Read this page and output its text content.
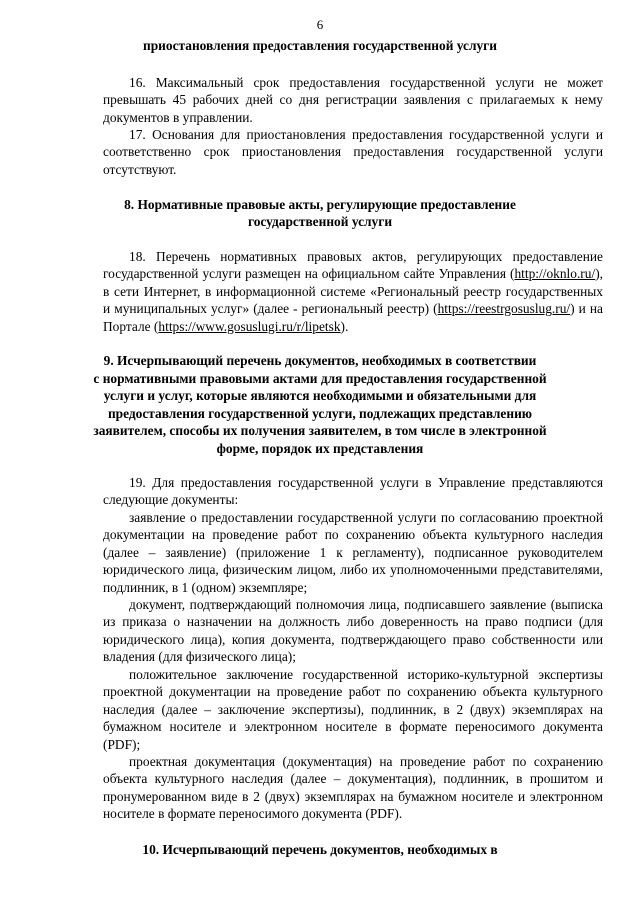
6

приостановления предоставления государственной услуги

16. Максимальный срок предоставления государственной услуги не может превышать 45 рабочих дней со дня регистрации заявления с прилагаемых к нему документов в управлении.

17. Основания для приостановления предоставления государственной услуги и соответственно срок приостановления предоставления государственной услуги отсутствуют.

8. Нормативные правовые акты, регулирующие предоставление

государственной услуги

18. Перечень нормативных правовых актов, регулирующих предоставление государственной услуги размещен на официальном сайте Управления (http://oknlo.ru/), в сети Интернет, в информационной системе «Региональный реестр государственных и муниципальных услуг» (далее - региональный реестр) (https://reestrgosuslug.ru/) и на Портале (https://www.gosuslugi.ru/r/lipetsk).

9. Исчерпывающий перечень документов, необходимых в соответствии

с нормативными правовыми актами для предоставления государственной

услуги и услуг, которые являются необходимыми и обязательными для

предоставления государственной услуги, подлежащих представлению

заявителем, способы их получения заявителем, в том числе в электронной

форме, порядок их представления

19. Для предоставления государственной услуги в Управление представляются следующие документы:

заявление о предоставлении государственной услуги по согласованию проектной документации на проведение работ по сохранению объекта культурного наследия (далее – заявление) (приложение 1 к регламенту), подписанное руководителем юридического лица, физическим лицом, либо их уполномоченными представителями, подлинник, в 1 (одном) экземпляре;

документ, подтверждающий полномочия лица, подписавшего заявление (выписка из приказа о назначении на должность либо доверенность на право подписи (для юридического лица), копия документа, подтверждающего право собственности или владения (для физического лица);

положительное заключение государственной историко-культурной экспертизы проектной документации на проведение работ по сохранению объекта культурного наследия (далее – заключение экспертизы), подлинник, в 2 (двух) экземплярах на бумажном носителе и электронном носителе в формате переносимого документа (PDF);

проектная документация (документация) на проведение работ по сохранению объекта культурного наследия (далее – документация), подлинник, в прошитом и пронумерованном виде в 2 (двух) экземплярах на бумажном носителе и электронном носителе в формате переносимого документа (PDF).

10. Исчерпывающий перечень документов, необходимых в
